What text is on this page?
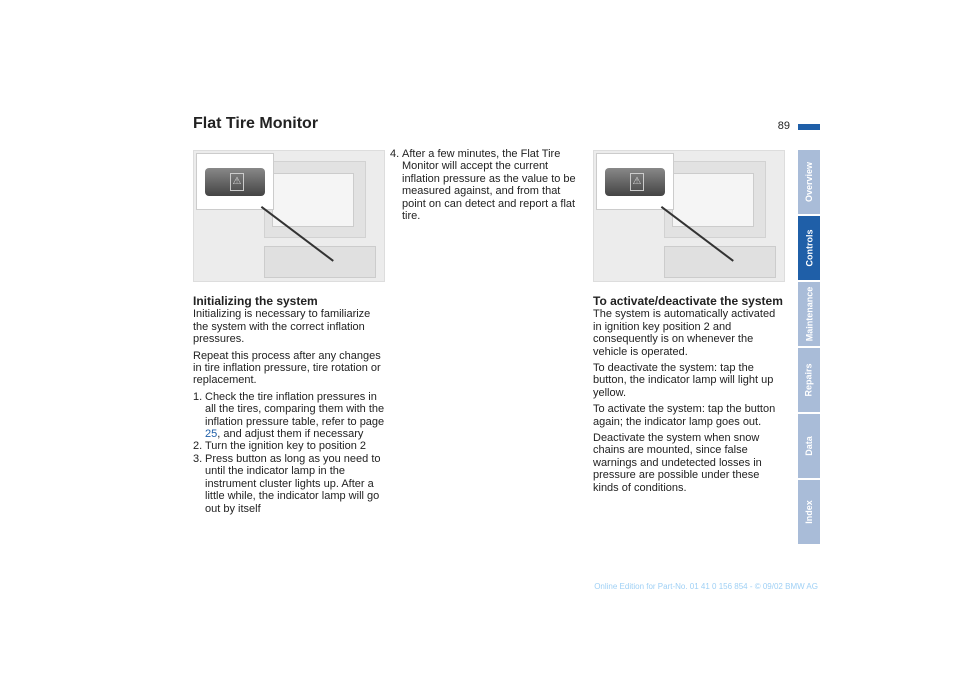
Flat Tire Monitor	89
⚠	⚠
Initializing the system

Initializing is necessary to familiarize the system with the correct inflation pressures.

Repeat this process after any changes in tire inflation pressure, tire rotation or replacement.

1. Check the tire inflation pressures in all the tires, comparing them with the inflation pressure table, refer to page 25, and adjust them if necessary
2. Turn the ignition key to position 2
3. Press button as long as you need to until the indicator lamp in the instrument cluster lights up. After a little while, the indicator lamp will go out by itself
4. After a few minutes, the Flat Tire Monitor will accept the current inflation pressure as the value to be measured against, and from that point on can detect and report a flat tire.
To activate/deactivate the system

The system is automatically activated in ignition key position 2 and consequently is on whenever the vehicle is operated.

To deactivate the system: tap the button, the indicator lamp will light up yellow.

To activate the system: tap the button again; the indicator lamp goes out.

Deactivate the system when snow chains are mounted, since false warnings and undetected losses in pressure are possible under these kinds of conditions.

Overview
Controls
Maintenance
Repairs
Data
Index
Online Edition for Part-No. 01 41 0 156 854 - © 09/02 BMW AG
